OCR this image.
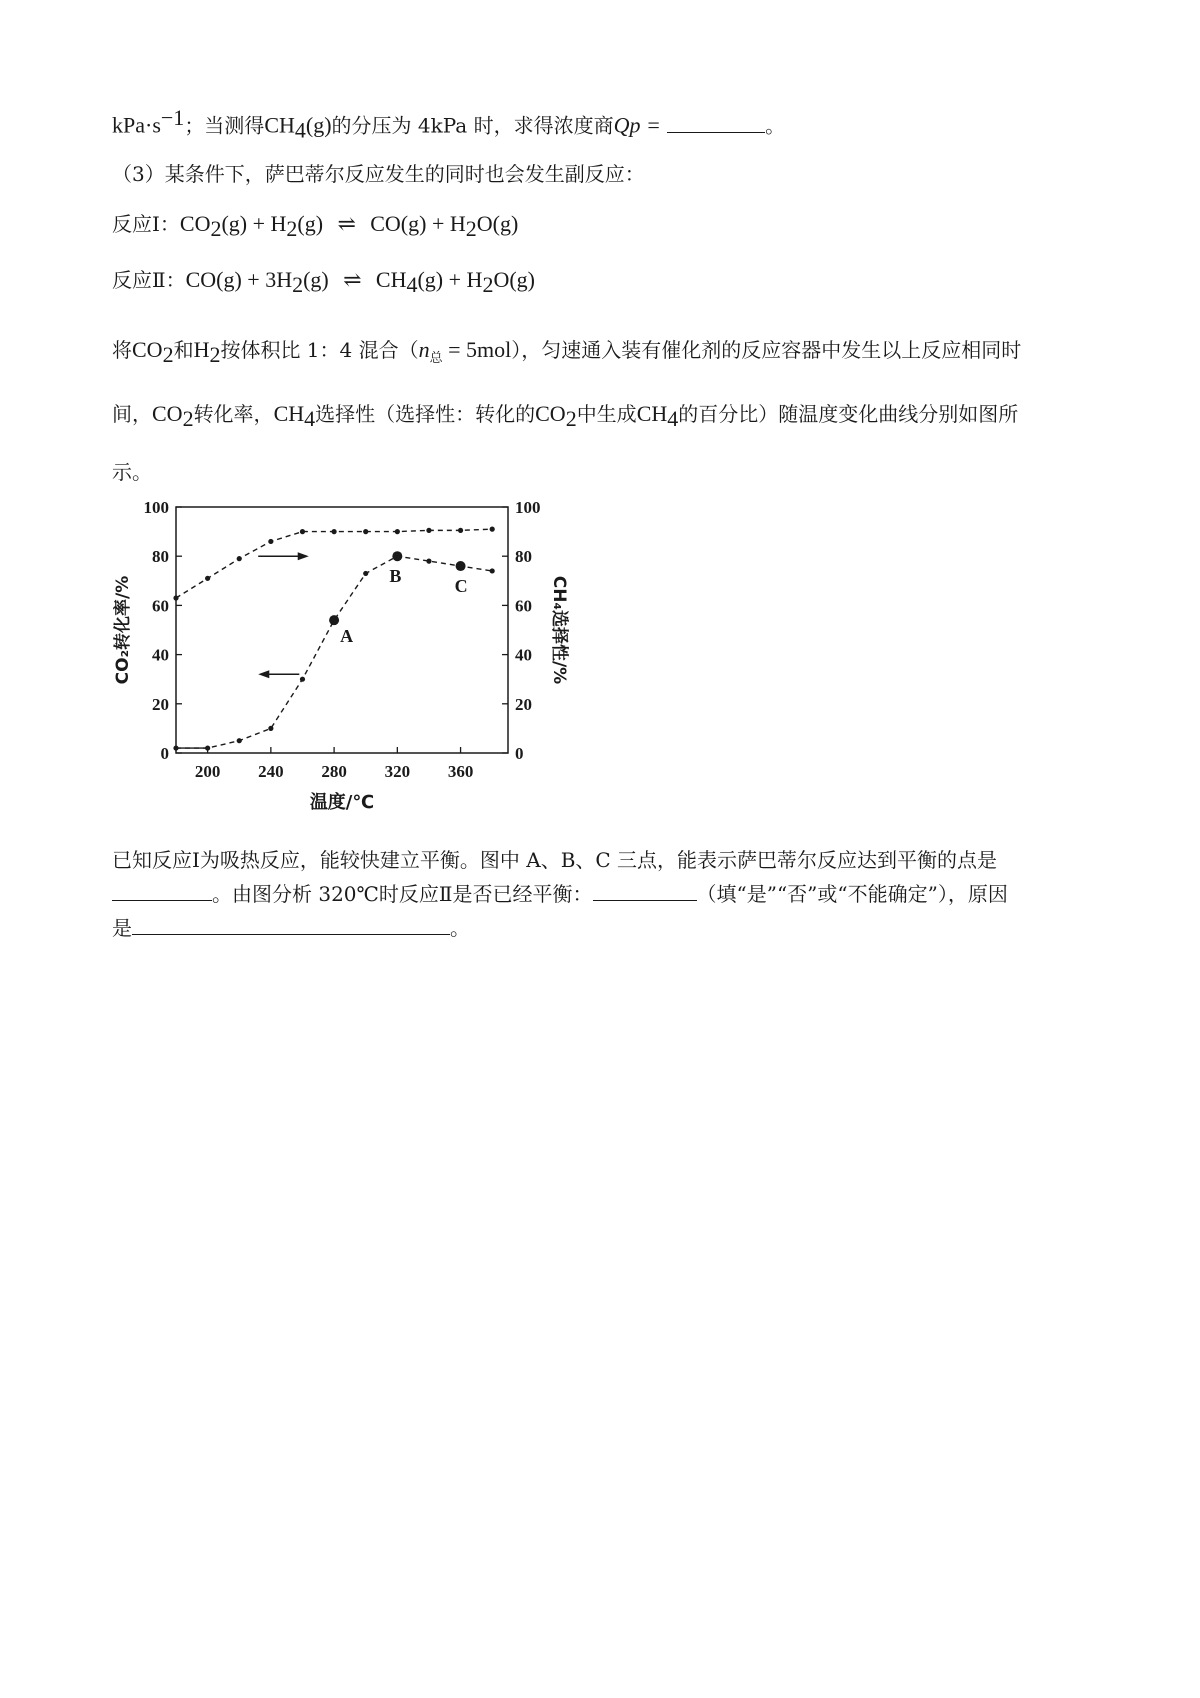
$kPa\cdot s^{-1}$；当测得$CH_4(g)$的分压为 4kPa 时，求得浓度商Qp =	。
（3）某条件下，萨巴蒂尔反应发生的同时也会发生副反应：
反应Ⅰ：$CO_2(g) + H_2(g)$ ⇌ $CO(g) + H_2O(g)$
反应Ⅱ：$CO(g) + 3H_2(g)$ ⇌ $CH_4(g) + H_2O(g)$
将$CO_2$和$H_2$按体积比 1：4 混合$(n_总 = 5mol)$，匀速通入装有催化剂的反应容器中发生以上反应相同时
间，$CO_2$转化率，$CH_4$选择性（选择性：转化的$CO_2$中生成$CH_4$的百分比）随温度变化曲线分别如图所
示。
0	0
20	20
40	40
60	60
80	80
100	100
200 240 280 320 360
温度/℃
CO₂转化率/%	CH₄选择性/%
A
B	C
已知反应Ⅰ为吸热反应，能较快建立平衡。图中 A、B、C 三点，能表示萨巴蒂尔反应达到平衡的点是
。由图分析 320℃时反应Ⅱ是否已经平衡：	（填“是”“否”或“不能确定”），原因
是	。
